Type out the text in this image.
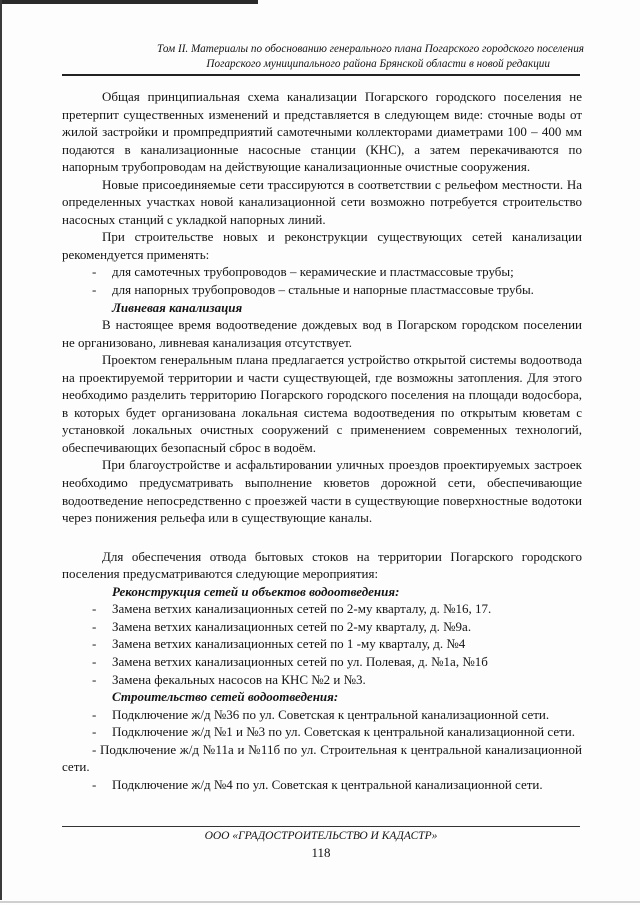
Том II. Материалы по обоснованию генерального плана Погарского городского поселения

Погарского муниципального района Брянской области в новой редакции

Общая принципиальная схема канализации Погарского городского поселения не претерпит существенных изменений и представляется в следующем виде: сточные воды от жилой застройки и промпредприятий самотечными коллекторами диаметрами 100 – 400 мм подаются в канализационные насосные станции (КНС), а затем перекачиваются по напорным трубопроводам на действующие канализационные очистные сооружения.

Новые присоединяемые сети трассируются в соответствии с рельефом местности. На определенных участках новой канализационной сети возможно потребуется строительство насосных станций с укладкой напорных линий.

При строительстве новых и реконструкции существующих сетей канализации рекомендуется применять:

- для самотечных трубопроводов – керамические и пластмассовые трубы;
- для напорных трубопроводов – стальные и напорные пластмассовые трубы.

Ливневая канализация

В настоящее время водоотведение дождевых вод в Погарском городском поселении не организовано, ливневая канализация отсутствует.

Проектом генеральным плана предлагается устройство открытой системы водоотвода на проектируемой территории и части существующей, где возможны затопления. Для этого необходимо разделить территорию Погарского городского поселения на площади водосбора, в которых будет организована локальная система водоотведения по открытым кюветам с установкой локальных очистных сооружений с применением современных технологий, обеспечивающих безопасный сброс в водоём.

При благоустройстве и асфальтировании уличных проездов проектируемых застроек необходимо предусматривать выполнение кюветов дорожной сети, обеспечивающие водоотведение непосредственно с проезжей части в существующие поверхностные водотоки через понижения рельефа или в существующие каналы.

Для обеспечения отвода бытовых стоков на территории Погарского городского поселения предусматриваются следующие мероприятия:

Реконструкция сетей и объектов водоотведения:

- Замена ветхих канализационных сетей по 2-му кварталу, д. №16, 17.
- Замена ветхих канализационных сетей по 2-му кварталу, д. №9а.
- Замена ветхих канализационных сетей по 1 -му кварталу, д. №4
- Замена ветхих канализационных сетей по ул. Полевая, д. №1а, №1б
- Замена фекальных насосов на КНС №2 и №3.

Строительство сетей водоотведения:

- Подключение ж/д №36 по ул. Советская к центральной канализационной сети.
- Подключение ж/д №1 и №3 по ул. Советская к центральной канализационной сети.
- Подключение ж/д №11а и №11б по ул. Строительная к центральной канализационной сети.
- Подключение ж/д №4 по ул. Советская к центральной канализационной сети.

ООО «ГРАДОСТРОИТЕЛЬСТВО И КАДАСТР»

118
